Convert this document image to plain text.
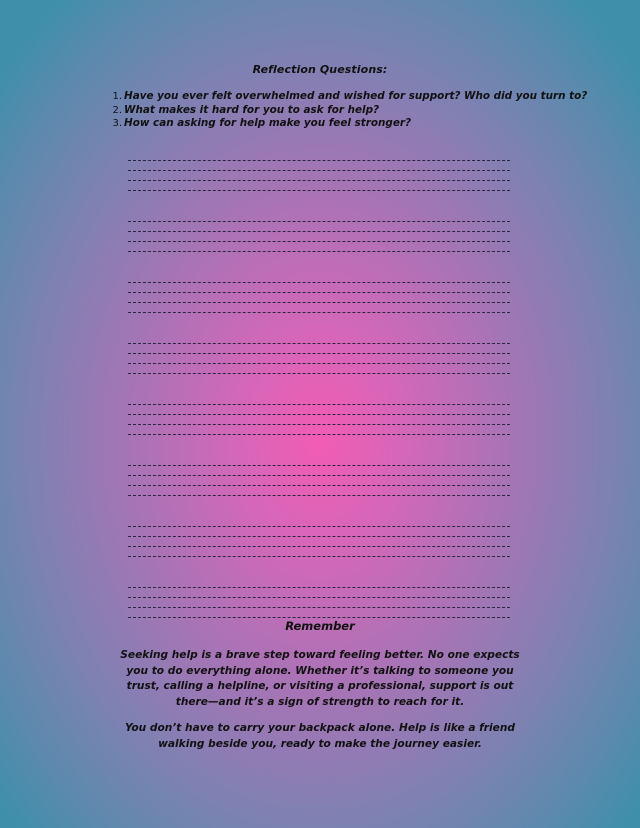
Reflection Questions:
1. Have you ever felt overwhelmed and wished for support? Who did you turn to?
2. What makes it hard for you to ask for help?
3. How can asking for help make you feel stronger?
Remember
Seeking help is a brave step toward feeling better. No one expects you to do everything alone. Whether it’s talking to someone you trust, calling a helpline, or visiting a professional, support is out there—and it’s a sign of strength to reach for it.
You don’t have to carry your backpack alone. Help is like a friend walking beside you, ready to make the journey easier.
